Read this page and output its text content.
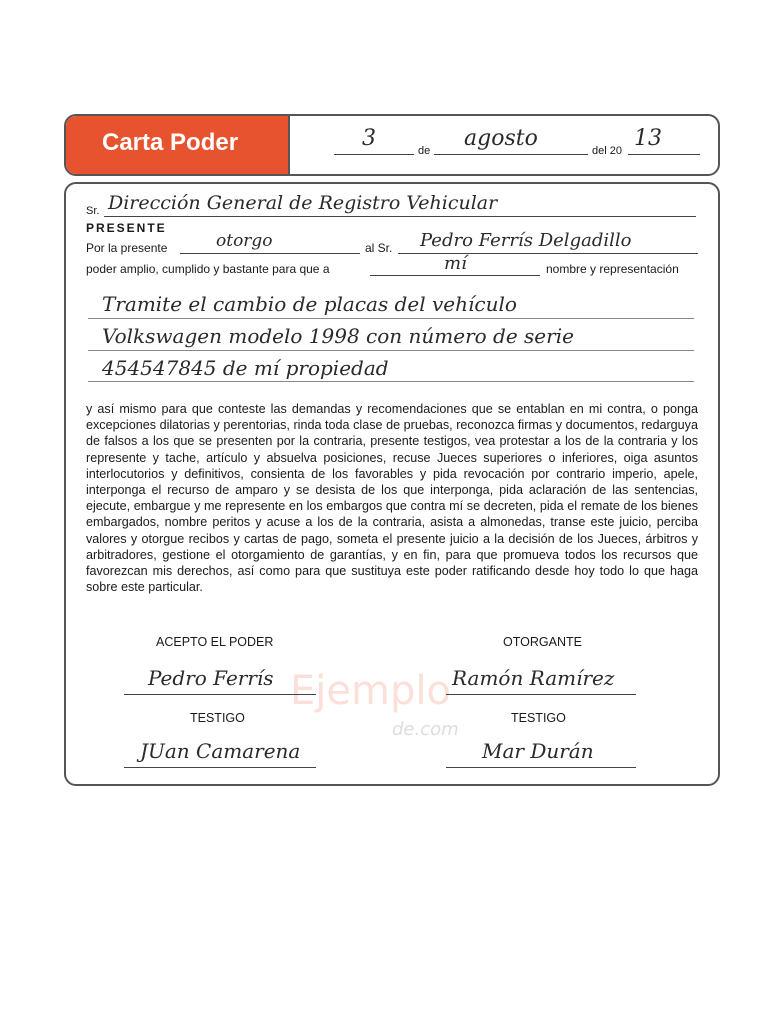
Carta Poder	3	de agosto	del 20 13
Sr. Dirección General de Registro Vehicular
PRESENTE
Por la presente	otorgo	al Sr. Pedro Ferrís Delgadillo
poder amplio, cumplido y bastante para que a	mí	nombre y representación
Tramite el cambio de placas del vehículo
Volkswagen modelo 1998 con número de serie
454547845 de mí propiedad
y así mismo para que conteste las demandas y recomendaciones que se entablan en mi contra, o ponga excepciones dilatorias y perentorias, rinda toda clase de pruebas, reconozca firmas y documentos, redarguya de falsos a los que se presenten por la contraria, presente testigos, vea protestar a los de la contraria y los represente y tache, artículo y absuelva posiciones, recuse Jueces superiores o inferiores, oiga asuntos interlocutorios y definitivos, consienta de los favorables y pida revocación por contrario imperio, apele, interponga el recurso de amparo y se desista de los que interponga, pida aclaración de las sentencias, ejecute, embargue y me represente en los embargos que contra mí se decreten, pida el remate de los bienes embargados, nombre peritos y acuse a los de la contraria, asista a almonedas, transe este juicio, perciba valores y otorgue recibos y cartas de pago, someta el presente juicio a la decisión de los Jueces, árbitros y arbitradores, gestione el otorgamiento de garantías, y en fin, para que promueva todos los recursos que favorezcan mis derechos, así como para que sustituya este poder ratificando desde hoy todo lo que haga sobre este particular.
Ejemplo
de.com
ACEPTO EL PODER
Pedro Ferrís
OTORGANTE
Ramón Ramírez
TESTIGO
JUan Camarena
TESTIGO
Mar Durán
